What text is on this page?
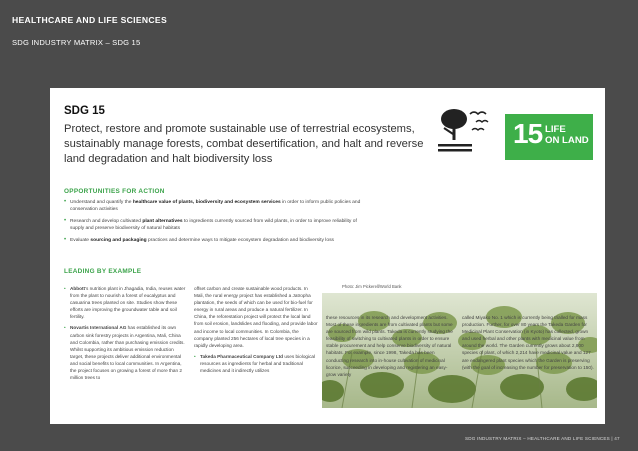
HEALTHCARE AND LIFE SCIENCES
SDG INDUSTRY MATRIX – SDG 15
SDG 15
Protect, restore and promote sustainable use of terrestrial ecosystems, sustainably manage forests, combat desertification, and halt and reverse land degradation and halt biodiversity loss
15 LIFE
ON LAND
OPPORTUNITIES FOR ACTION
• Understand and quantify the healthcare value of plants, biodiversity and ecosystem services in order to inform public policies and conservation activities
• Research and develop cultivated plant alternatives to ingredients currently sourced from wild plants, in order to improve reliability of supply and preserve biodiversity of natural habitats
• Evaluate sourcing and packaging practices and determine ways to mitigate ecosystem degradation and biodiversity loss
LEADING BY EXAMPLE
• Abbott's nutrition plant in Jhagadia, India, reuses water from the plant to nourish a forest of eucalyptus and casuarina trees planted on site. Studies show these efforts are improving the groundwater table and soil fertility.
• Novartis International AG has established its own carbon sink forestry projects in Argentina, Mali, China and Colombia, rather than purchasing emission credits. Whilst supporting its ambitious emission reduction target, these projects deliver additional environmental and social benefits to local communities. In Argentina, the project focuses on growing a forest of more than 2 million trees to
offset carbon and create sustainable wood products. In Mali, the rural energy project has established a Jatropha plantation, the seeds of which can be used for bio-fuel for energy in rural areas and produce a natural fertilizer. In China, the reforestation project will protect the local land from soil erosion, landslides and flooding, and provide labor and income to local communities. In Colombia, the company planted 256 hectares of local tree species in a rapidly developing area.
• Takeda Pharmaceutical Company Ltd uses biological resources as ingredients for herbal and traditional medicines and it indirectly utilizes
Photo: Jim Pickerell/World Bank
these resources in its research and development activities. Most of these ingredients are from cultivated plants but some are sourced from wild plants. Takeda is currently studying the feasibility of switching to cultivated plants in order to ensure stable procurement and help conserve biodiversity of natural habitats. For example, since 1998, Takeda has been conducting research into in-house cultivation of medicinal licorice, succeeding in developing and registering an easy-grow variety
called Miyako No. 1 which is currently being trialled for mass production. Further, for over 80 years the Takeda Garden for Medicinal Plant Conservation (in Kyoto) has collected, grown and used herbal and other plants with medicinal value from around the world. The Garden currently grows about 2,800 species of plant, of which 2,214 have medicinal value and 127 are endangered plant species which the Garden is preserving (with the goal of increasing the number for preservation to 150).
SDG INDUSTRY MATRIX – HEALTHCARE AND LIFE SCIENCES | 47
